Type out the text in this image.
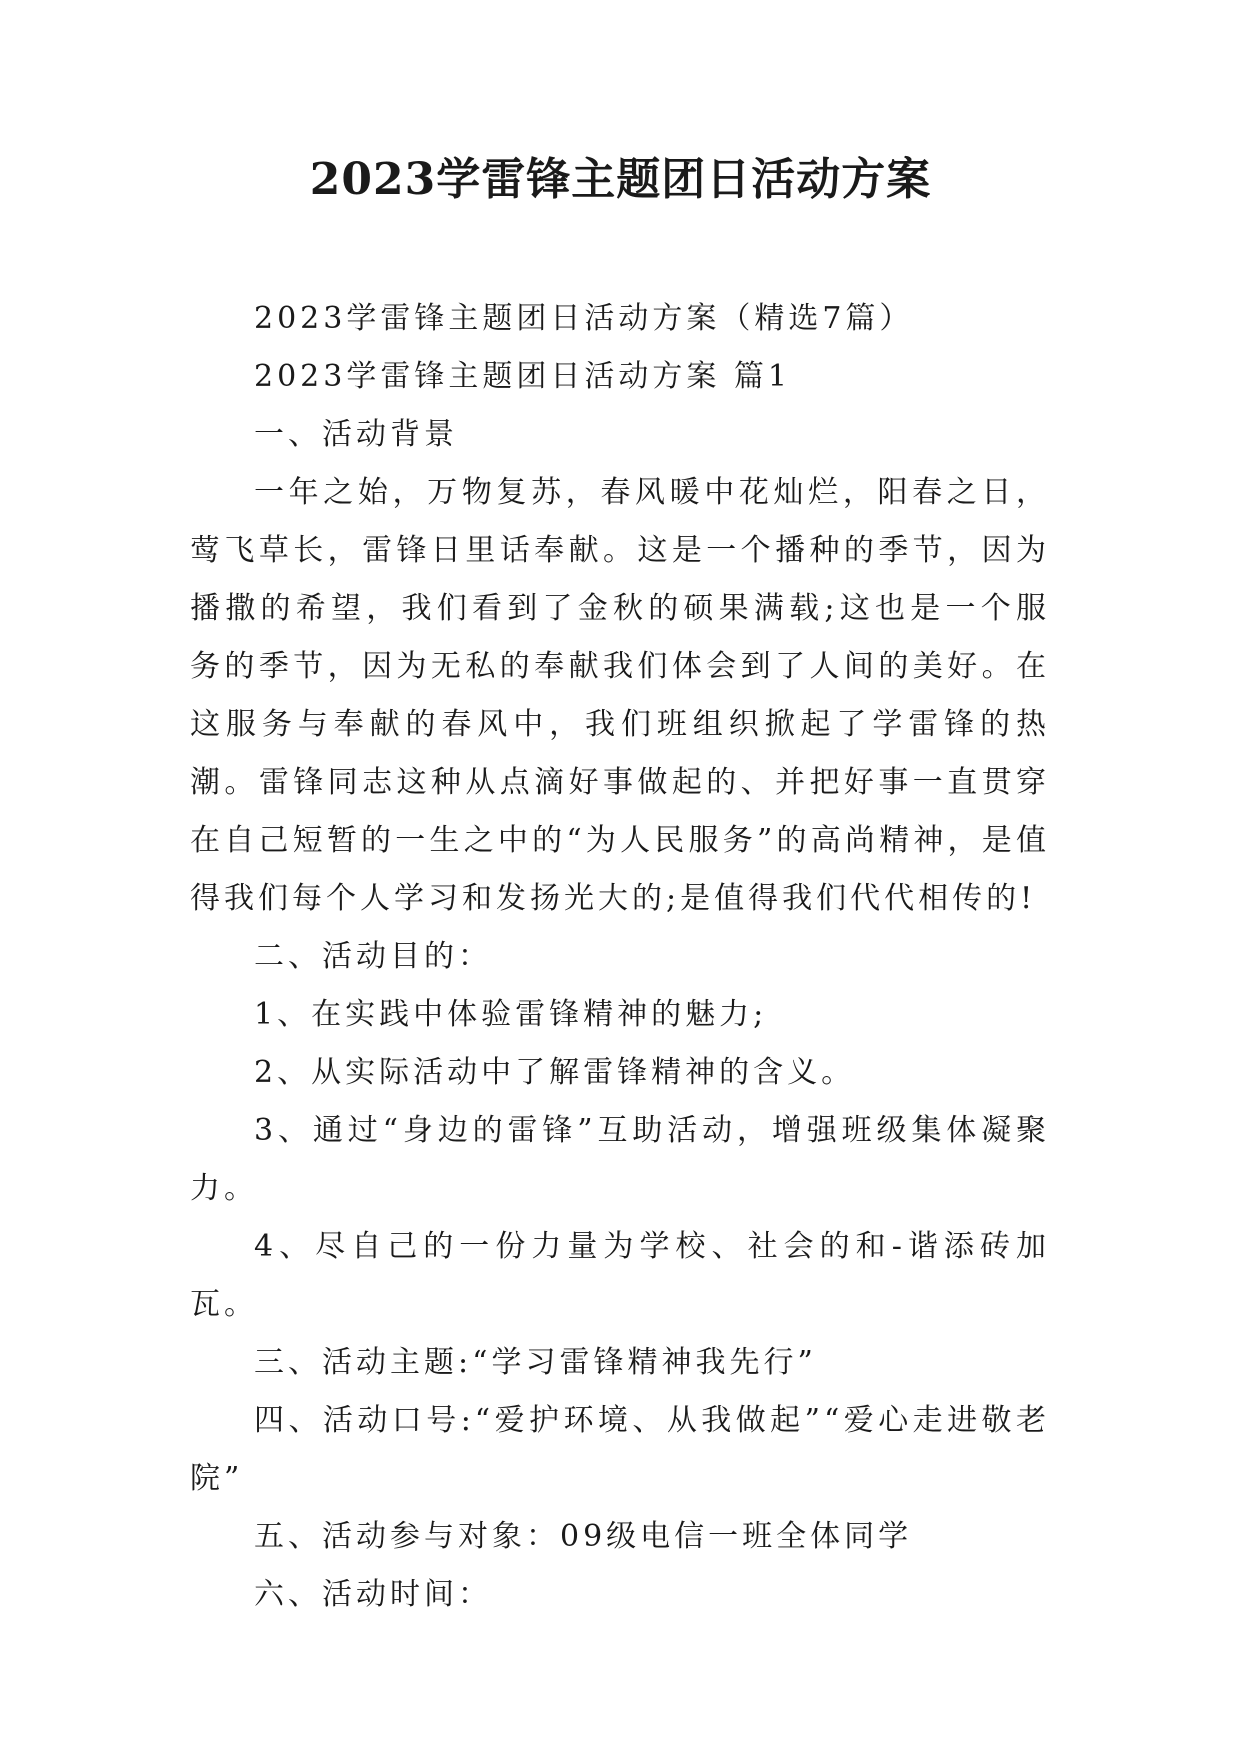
2023学雷锋主题团日活动方案

2023学雷锋主题团日活动方案（精选7篇）

2023学雷锋主题团日活动方案 篇1

一、活动背景

一年之始，万物复苏，春风暖中花灿烂，阳春之日，莺飞草长，雷锋日里话奉献。这是一个播种的季节，因为播撒的希望，我们看到了金秋的硕果满载;这也是一个服务的季节，因为无私的奉献我们体会到了人间的美好。在这服务与奉献的春风中，我们班组织掀起了学雷锋的热潮。雷锋同志这种从点滴好事做起的、并把好事一直贯穿在自己短暂的一生之中的“为人民服务”的高尚精神，是值得我们每个人学习和发扬光大的;是值得我们代代相传的!

二、活动目的：

1、在实践中体验雷锋精神的魅力;

2、从实际活动中了解雷锋精神的含义。

3、通过“身边的雷锋”互助活动，增强班级集体凝聚力。

4、尽自己的一份力量为学校、社会的和-谐添砖加瓦。

三、活动主题:“学习雷锋精神我先行”

四、活动口号:“爱护环境、从我做起”“爱心走进敬老院”

五、活动参与对象：09级电信一班全体同学

六、活动时间：
